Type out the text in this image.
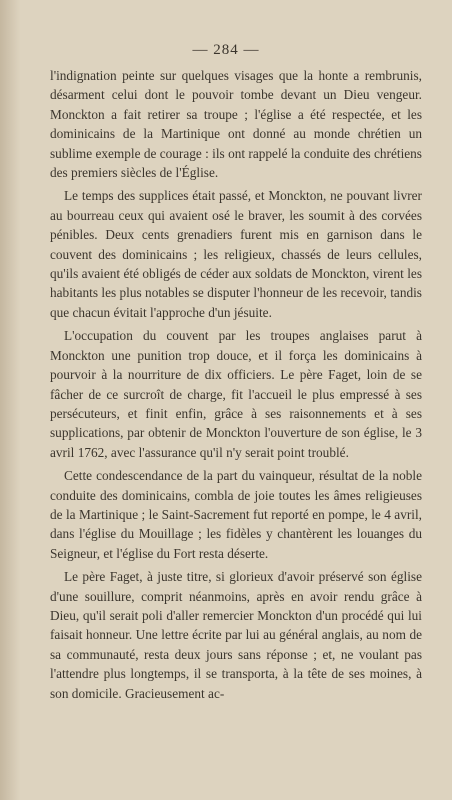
— 284 —

l'indignation peinte sur quelques visages que la honte a rembrunis, désarment celui dont le pouvoir tombe devant un Dieu vengeur. Monckton a fait retirer sa troupe ; l'église a été respectée, et les dominicains de la Martinique ont donné au monde chrétien un sublime exemple de courage : ils ont rappelé la conduite des chrétiens des premiers siècles de l'Église.

Le temps des supplices était passé, et Monckton, ne pouvant livrer au bourreau ceux qui avaient osé le braver, les soumit à des corvées pénibles. Deux cents grenadiers furent mis en garnison dans le couvent des dominicains ; les religieux, chassés de leurs cellules, qu'ils avaient été obligés de céder aux soldats de Monckton, virent les habitants les plus notables se disputer l'honneur de les recevoir, tandis que chacun évitait l'approche d'un jésuite.

L'occupation du couvent par les troupes anglaises parut à Monckton une punition trop douce, et il força les dominicains à pourvoir à la nourriture de dix officiers. Le père Faget, loin de se fâcher de ce surcroît de charge, fit l'accueil le plus empressé à ses persécuteurs, et finit enfin, grâce à ses raisonnements et à ses supplications, par obtenir de Monckton l'ouverture de son église, le 3 avril 1762, avec l'assurance qu'il n'y serait point troublé.

Cette condescendance de la part du vainqueur, résultat de la noble conduite des dominicains, combla de joie toutes les âmes religieuses de la Martinique ; le Saint-Sacrement fut reporté en pompe, le 4 avril, dans l'église du Mouillage ; les fidèles y chantèrent les louanges du Seigneur, et l'église du Fort resta déserte.

Le père Faget, à juste titre, si glorieux d'avoir préservé son église d'une souillure, comprit néanmoins, après en avoir rendu grâce à Dieu, qu'il serait poli d'aller remercier Monckton d'un procédé qui lui faisait honneur. Une lettre écrite par lui au général anglais, au nom de sa communauté, resta deux jours sans réponse ; et, ne voulant pas l'attendre plus longtemps, il se transporta, à la tête de ses moines, à son domicile. Gracieusement ac-
